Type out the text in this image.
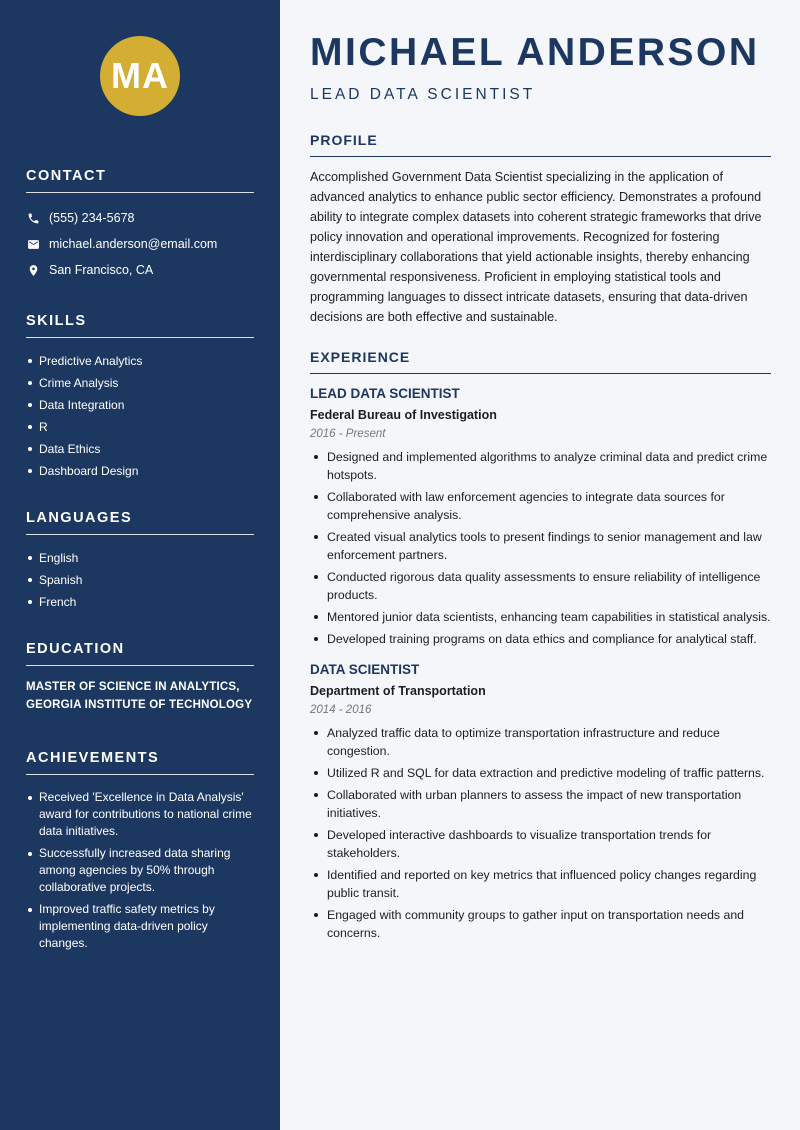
MA
CONTACT
(555) 234-5678
michael.anderson@email.com
San Francisco, CA
SKILLS
Predictive Analytics
Crime Analysis
Data Integration
R
Data Ethics
Dashboard Design
LANGUAGES
English
Spanish
French
EDUCATION
MASTER OF SCIENCE IN ANALYTICS,
GEORGIA INSTITUTE OF TECHNOLOGY
ACHIEVEMENTS
Received 'Excellence in Data Analysis' award for contributions to national crime data initiatives.
Successfully increased data sharing among agencies by 50% through collaborative projects.
Improved traffic safety metrics by implementing data-driven policy changes.
MICHAEL ANDERSON
LEAD DATA SCIENTIST
PROFILE

Accomplished Government Data Scientist specializing in the application of advanced analytics to enhance public sector efficiency. Demonstrates a profound ability to integrate complex datasets into coherent strategic frameworks that drive policy innovation and operational improvements. Recognized for fostering interdisciplinary collaborations that yield actionable insights, thereby enhancing governmental responsiveness. Proficient in employing statistical tools and programming languages to dissect intricate datasets, ensuring that data-driven decisions are both effective and sustainable.

EXPERIENCE
LEAD DATA SCIENTIST
Federal Bureau of Investigation
2016 - Present
Designed and implemented algorithms to analyze criminal data and predict crime hotspots.
Collaborated with law enforcement agencies to integrate data sources for comprehensive analysis.
Created visual analytics tools to present findings to senior management and law enforcement partners.
Conducted rigorous data quality assessments to ensure reliability of intelligence products.
Mentored junior data scientists, enhancing team capabilities in statistical analysis.
Developed training programs on data ethics and compliance for analytical staff.
DATA SCIENTIST
Department of Transportation
2014 - 2016
Analyzed traffic data to optimize transportation infrastructure and reduce congestion.
Utilized R and SQL for data extraction and predictive modeling of traffic patterns.
Collaborated with urban planners to assess the impact of new transportation initiatives.
Developed interactive dashboards to visualize transportation trends for stakeholders.
Identified and reported on key metrics that influenced policy changes regarding public transit.
Engaged with community groups to gather input on transportation needs and concerns.
